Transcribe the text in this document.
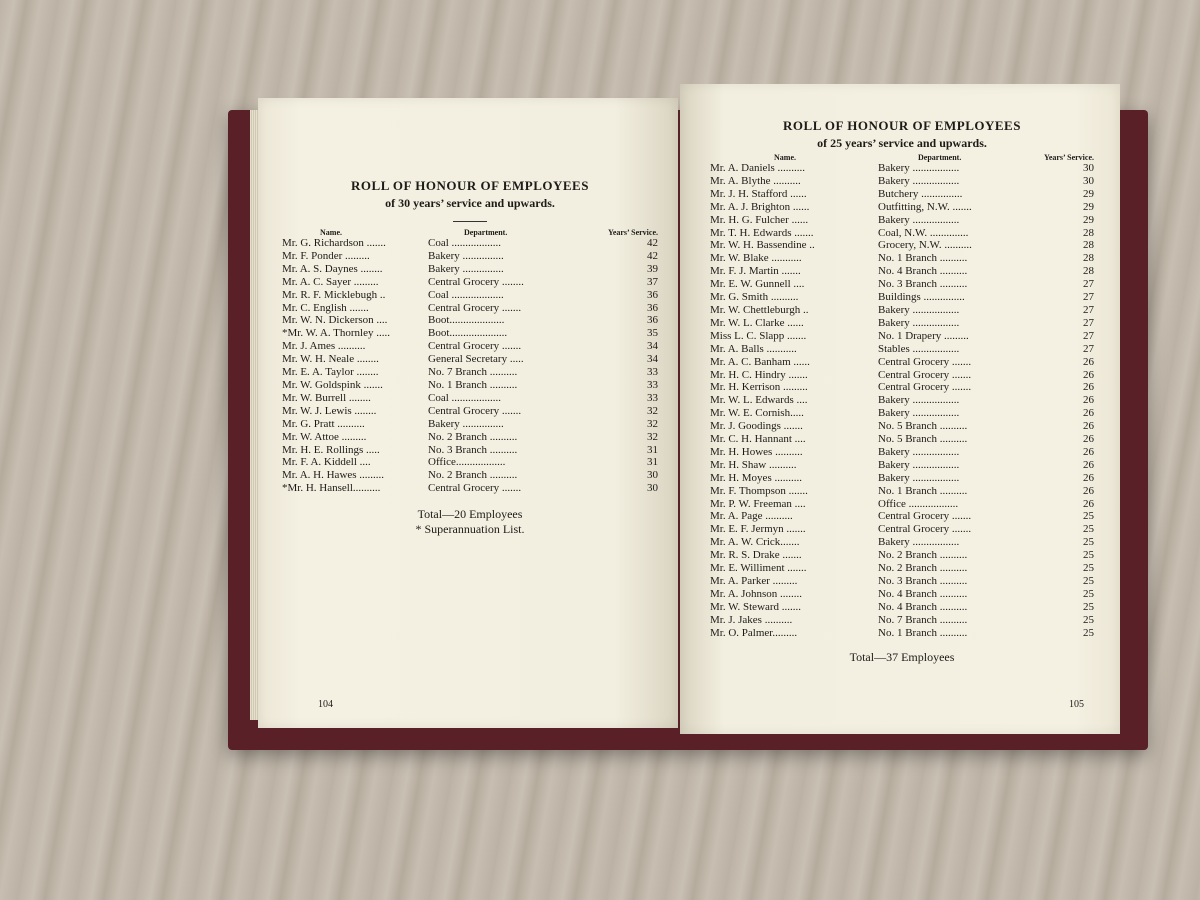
ROLL OF HONOUR OF EMPLOYEES

of 30 years’ service and upwards.

Name.	Department.	Years’ Service.
Mr. G. Richardson .......	Coal ..................	42
Mr. F. Ponder .........	Bakery ...............	42
Mr. A. S. Daynes ........	Bakery ...............	39
Mr. A. C. Sayer .........	Central Grocery ........	37
Mr. R. F. Micklebugh ..	Coal ...................	36
Mr. C. English .......	Central Grocery .......	36
Mr. W. N. Dickerson ....	Boot....................	36
*Mr. W. A. Thornley .....	Boot.....................	35
Mr. J. Ames ..........	Central Grocery .......	34
Mr. W. H. Neale ........	General Secretary .....	34
Mr. E. A. Taylor ........	No. 7 Branch ..........	33
Mr. W. Goldspink .......	No. 1 Branch ..........	33
Mr. W. Burrell ........	Coal ..................	33
Mr. W. J. Lewis ........	Central Grocery .......	32
Mr. G. Pratt ..........	Bakery ...............	32
Mr. W. Attoe .........	No. 2 Branch ..........	32
Mr. H. E. Rollings .....	No. 3 Branch ..........	31
Mr. F. A. Kiddell ....	Office..................	31
Mr. A. H. Hawes .........	No. 2 Branch ..........	30
*Mr. H. Hansell..........	Central Grocery .......	30
Total—20 Employees
* Superannuation List.
104

ROLL OF HONOUR OF EMPLOYEES

of 25 years’ service and upwards.

Name.	Department.	Years’ Service.
Mr. A. Daniels ..........	Bakery .................	30
Mr. A. Blythe ..........	Bakery .................	30
Mr. J. H. Stafford ......	Butchery ...............	29
Mr. A. J. Brighton ......	Outfitting, N.W. .......	29
Mr. H. G. Fulcher ......	Bakery .................	29
Mr. T. H. Edwards .......	Coal, N.W. ..............	28
Mr. W. H. Bassendine ..	Grocery, N.W. ..........	28
Mr. W. Blake ...........	No. 1 Branch ..........	28
Mr. F. J. Martin .......	No. 4 Branch ..........	28
Mr. E. W. Gunnell ....	No. 3 Branch ..........	27
Mr. G. Smith ..........	Buildings ...............	27
Mr. W. Chettleburgh ..	Bakery .................	27
Mr. W. L. Clarke ......	Bakery .................	27
Miss L. C. Slapp .......	No. 1 Drapery .........	27
Mr. A. Balls ...........	Stables .................	27
Mr. A. C. Banham ......	Central Grocery .......	26
Mr. H. C. Hindry .......	Central Grocery .......	26
Mr. H. Kerrison .........	Central Grocery .......	26
Mr. W. L. Edwards ....	Bakery .................	26
Mr. W. E. Cornish.....	Bakery .................	26
Mr. J. Goodings .......	No. 5 Branch ..........	26
Mr. C. H. Hannant ....	No. 5 Branch ..........	26
Mr. H. Howes ..........	Bakery .................	26
Mr. H. Shaw ..........	Bakery .................	26
Mr. H. Moyes ..........	Bakery .................	26
Mr. F. Thompson .......	No. 1 Branch ..........	26
Mr. P. W. Freeman ....	Office ..................	26
Mr. A. Page ..........	Central Grocery .......	25
Mr. E. F. Jermyn .......	Central Grocery .......	25
Mr. A. W. Crick.......	Bakery .................	25
Mr. R. S. Drake .......	No. 2 Branch ..........	25
Mr. E. Williment .......	No. 2 Branch ..........	25
Mr. A. Parker .........	No. 3 Branch ..........	25
Mr. A. Johnson ........	No. 4 Branch ..........	25
Mr. W. Steward .......	No. 4 Branch ..........	25
Mr. J. Jakes ..........	No. 7 Branch ..........	25
Mr. O. Palmer.........	No. 1 Branch ..........	25
Total—37 Employees
105
